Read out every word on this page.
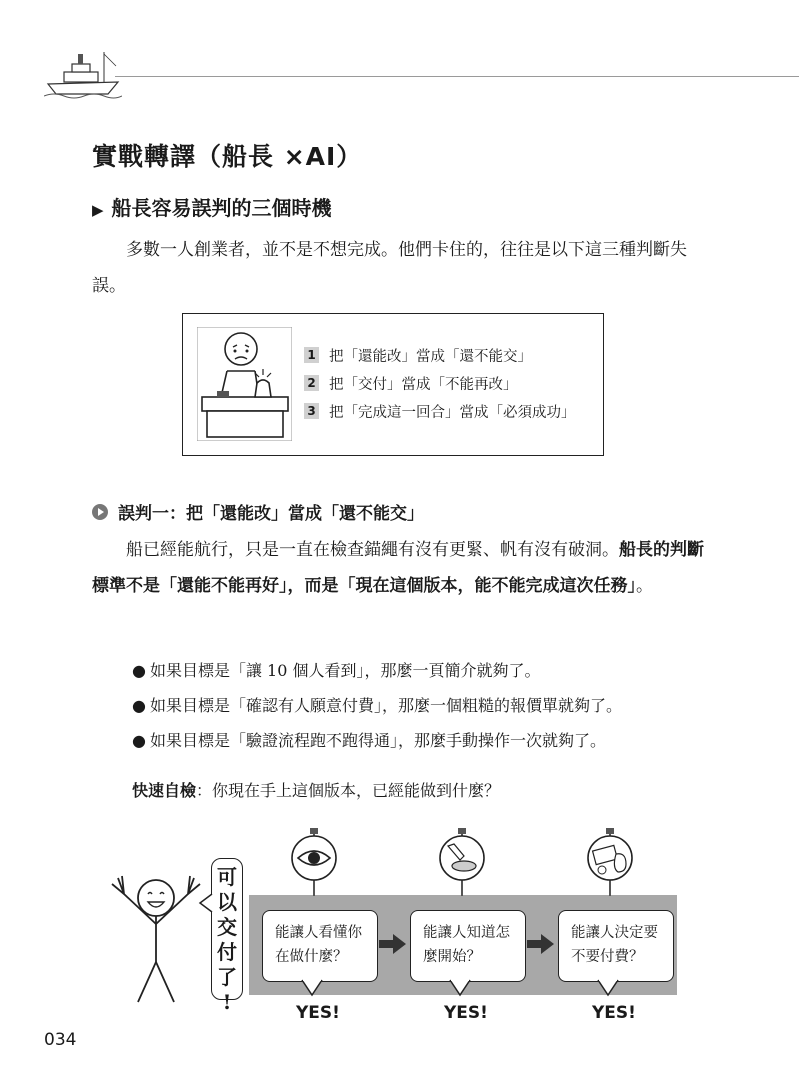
實戰轉譯（船長 ×AI）
▶ 船長容易誤判的三個時機
多數一人創業者，並不是不想完成。他們卡住的，往往是以下這三種判斷失誤。
1 把「還能改」當成「還不能交」
2 把「交付」當成「不能再改」
3 把「完成這一回合」當成「必須成功」
誤判一：把「還能改」當成「還不能交」
船已經能航行，只是一直在檢查錨繩有沒有更緊、帆有沒有破洞。船長的判斷標準不是「還能不能再好」，而是「現在這個版本，能不能完成這次任務」。
● 如果目標是「讓 10 個人看到」，那麼一頁簡介就夠了。
● 如果目標是「確認有人願意付費」，那麼一個粗糙的報價單就夠了。
● 如果目標是「驗證流程跑不跑得通」，那麼手動操作一次就夠了。
快速自檢：你現在手上這個版本，已經能做到什麼？
可
以
交
付
了
!
能讓人看懂你
在做什麼？
能讓人知道怎
麼開始？
能讓人決定要
不要付費？
YES!	YES!	YES!
034
